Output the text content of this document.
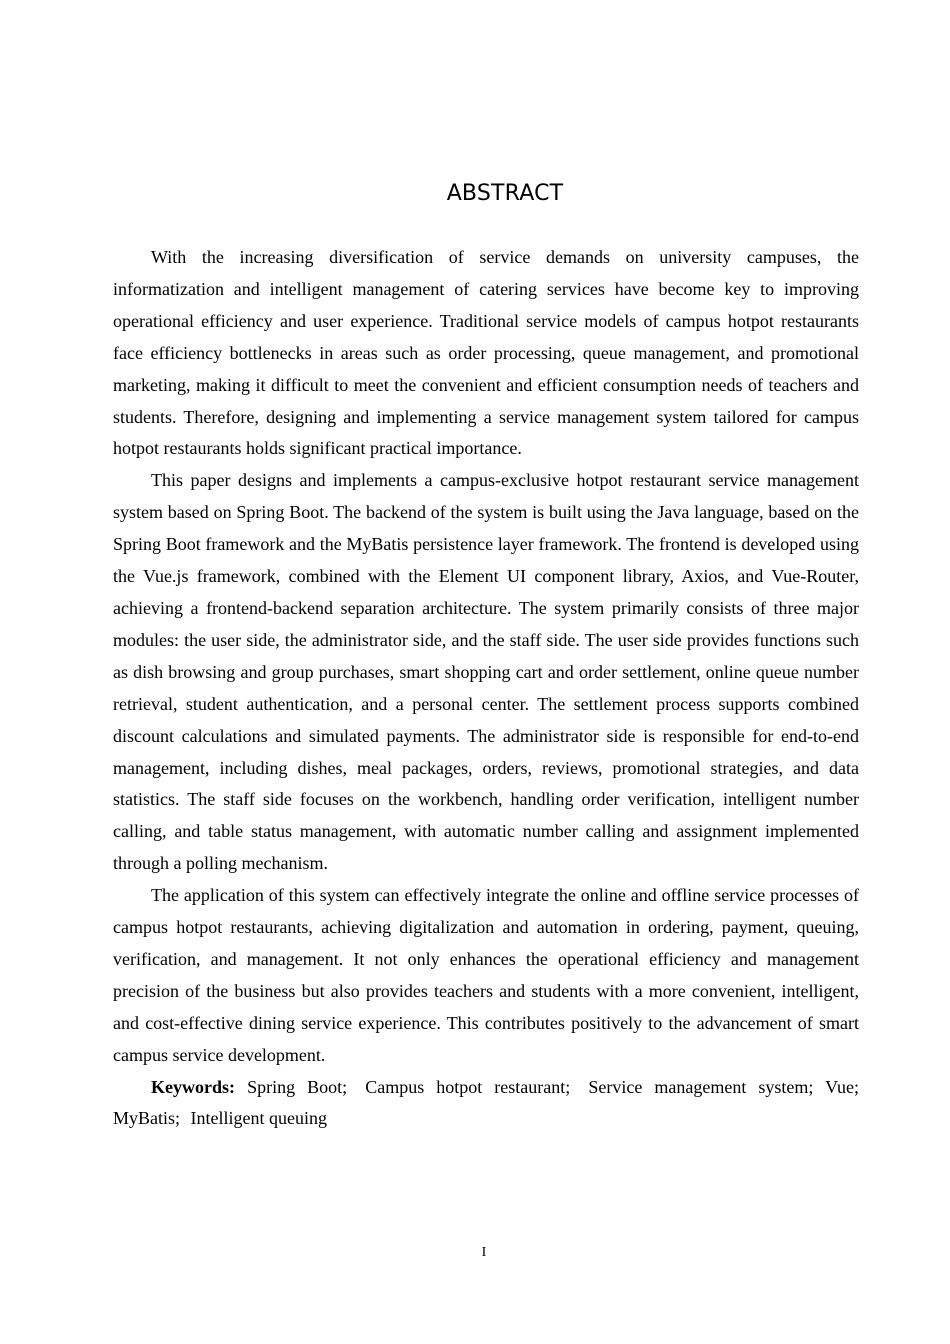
ABSTRACT

With the increasing diversification of service demands on university campuses, the informatization and intelligent management of catering services have become key to improving operational efficiency and user experience. Traditional service models of campus hotpot restaurants face efficiency bottlenecks in areas such as order processing, queue management, and promotional marketing, making it difficult to meet the convenient and efficient consumption needs of teachers and students. Therefore, designing and implementing a service management system tailored for campus hotpot restaurants holds significant practical importance.

This paper designs and implements a campus-exclusive hotpot restaurant service management system based on Spring Boot. The backend of the system is built using the Java language, based on the Spring Boot framework and the MyBatis persistence layer framework. The frontend is developed using the Vue.js framework, combined with the Element UI component library, Axios, and Vue-Router, achieving a frontend-backend separation architecture. The system primarily consists of three major modules: the user side, the administrator side, and the staff side. The user side provides functions such as dish browsing and group purchases, smart shopping cart and order settlement, online queue number retrieval, student authentication, and a personal center. The settlement process supports combined discount calculations and simulated payments. The administrator side is responsible for end-to-end management, including dishes, meal packages, orders, reviews, promotional strategies, and data statistics. The staff side focuses on the workbench, handling order verification, intelligent number calling, and table status management, with automatic number calling and assignment implemented through a polling mechanism.

The application of this system can effectively integrate the online and offline service processes of campus hotpot restaurants, achieving digitalization and automation in ordering, payment, queuing, verification, and management. It not only enhances the operational efficiency and management precision of the business but also provides teachers and students with a more convenient, intelligent, and cost-effective dining service experience. This contributes positively to the advancement of smart campus service development.

Keywords: Spring Boot; Campus hotpot restaurant; Service management system; Vue; MyBatis; Intelligent queuing

I
